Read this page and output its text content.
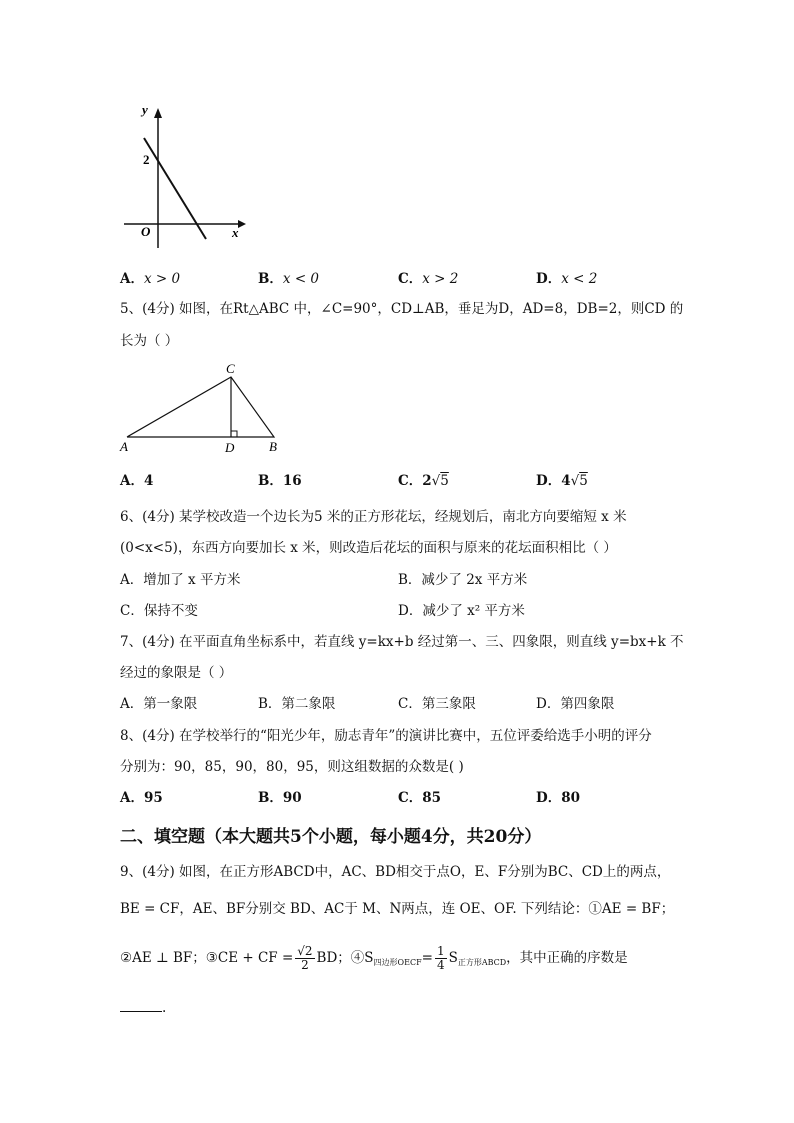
y
x
O
2
A．x > 0	B．x < 0	C．x > 2	D．x < 2
5、(4分) 如图，在Rt△ABC 中，∠C=90°，CD⊥AB，垂足为D，AD=8，DB=2，则CD 的
长为（ ）
C
A	D	B
A．4	B．16	C．2√5	D．4√5
6、(4分) 某学校改造一个边长为5 米的正方形花坛，经规划后，南北方向要缩短 x 米
(0<x<5)，东西方向要加长 x 米，则改造后花坛的面积与原来的花坛面积相比（ ）
A．增加了 x 平方米	B．减少了 2x 平方米
C．保持不变	D．减少了 x² 平方米
7、(4分) 在平面直角坐标系中，若直线 y=kx+b 经过第一、三、四象限，则直线 y=bx+k 不
经过的象限是（ ）
A．第一象限	B．第二象限	C．第三象限	D．第四象限
8、(4分) 在学校举行的“阳光少年，励志青年”的演讲比赛中，五位评委给选手小明的评分
分别为：90，85，90，80，95，则这组数据的众数是( )
A．95	B．90	C．85	D．80
二、填空题（本大题共5个小题，每小题4分，共20分）
9、(4分) 如图，在正方形ABCD中，AC、BD相交于点O，E、F分别为BC、CD上的两点，
BE = CF，AE、BF分别交 BD、AC于 M、N两点，连 OE、OF. 下列结论：①AE = BF；
②AE ⊥ BF；③CE + CF = $\frac{√2}{2}$ BD；$④S_{四边形OECF}= \frac{1}{4} S_{正方形ABCD}$，其中正确的序数是
.
